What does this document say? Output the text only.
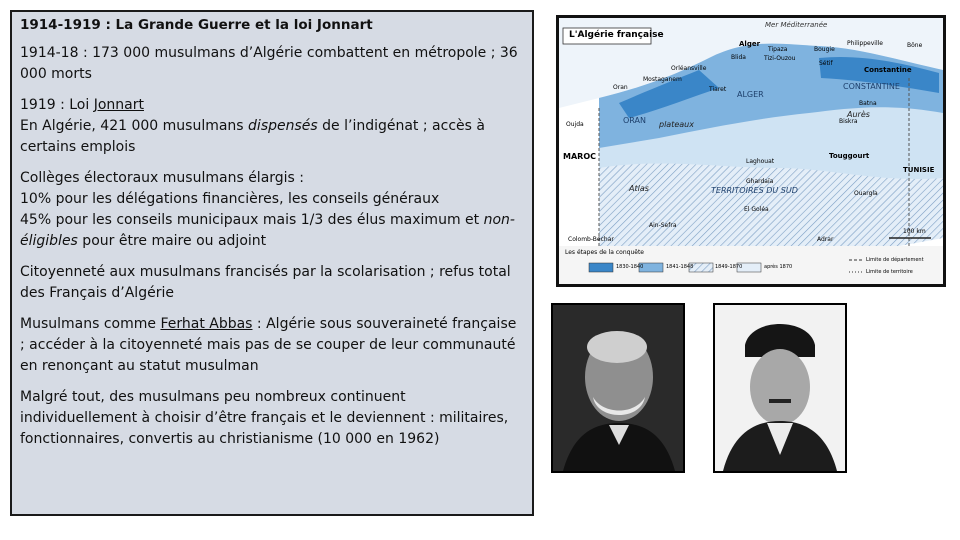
1914-1919 : La Grande Guerre et la loi Jonnart
1914-18 : 173 000 musulmans d’Algérie combattent en métropole ; 36 000 morts
1919 : Loi Jonnart
En Algérie, 421 000 musulmans dispensés de l’indigénat ; accès à certains emplois
Collèges électoraux musulmans élargis :
10% pour les délégations financières, les conseils généraux
45% pour les conseils municipaux mais 1/3 des élus maximum et non-éligibles pour être maire ou adjoint
Citoyenneté aux musulmans francisés par la scolarisation ; refus total des Français d’Algérie
Musulmans comme Ferhat Abbas : Algérie sous souveraineté française ; accéder à la citoyenneté mais pas de se couper de leur communauté en renonçant au statut musulman
Malgré tout, des musulmans peu nombreux continuent individuellement à choisir d’être français et le deviennent : militaires, fonctionnaires, convertis au christianisme (10 000 en 1962)
L'Algérie française
Mer Méditerranée
Alger
Tipaza	Bougie
Philippeville	Bône
Tizi-Ouzou
Sétif
Blida
Orléansville	Constantine
Oran
Mostaganem
Tiaret
Batna
Oujda
Laghouat
Biskra
Touggourt
Ouargla
Ghardaïa
Colomb-Béchar
El Goléa
Ain-Sefra
Adrar
ORAN
ALGER
CONSTANTINE
TERRITOIRES DU SUD
MAROC
TUNISIE
Aurès
plateaux
Atlas
100 km
Les étapes de la conquête
1830-1840	1841-1848	1849-1870	après 1870
Limite de département
Limite de territoire
